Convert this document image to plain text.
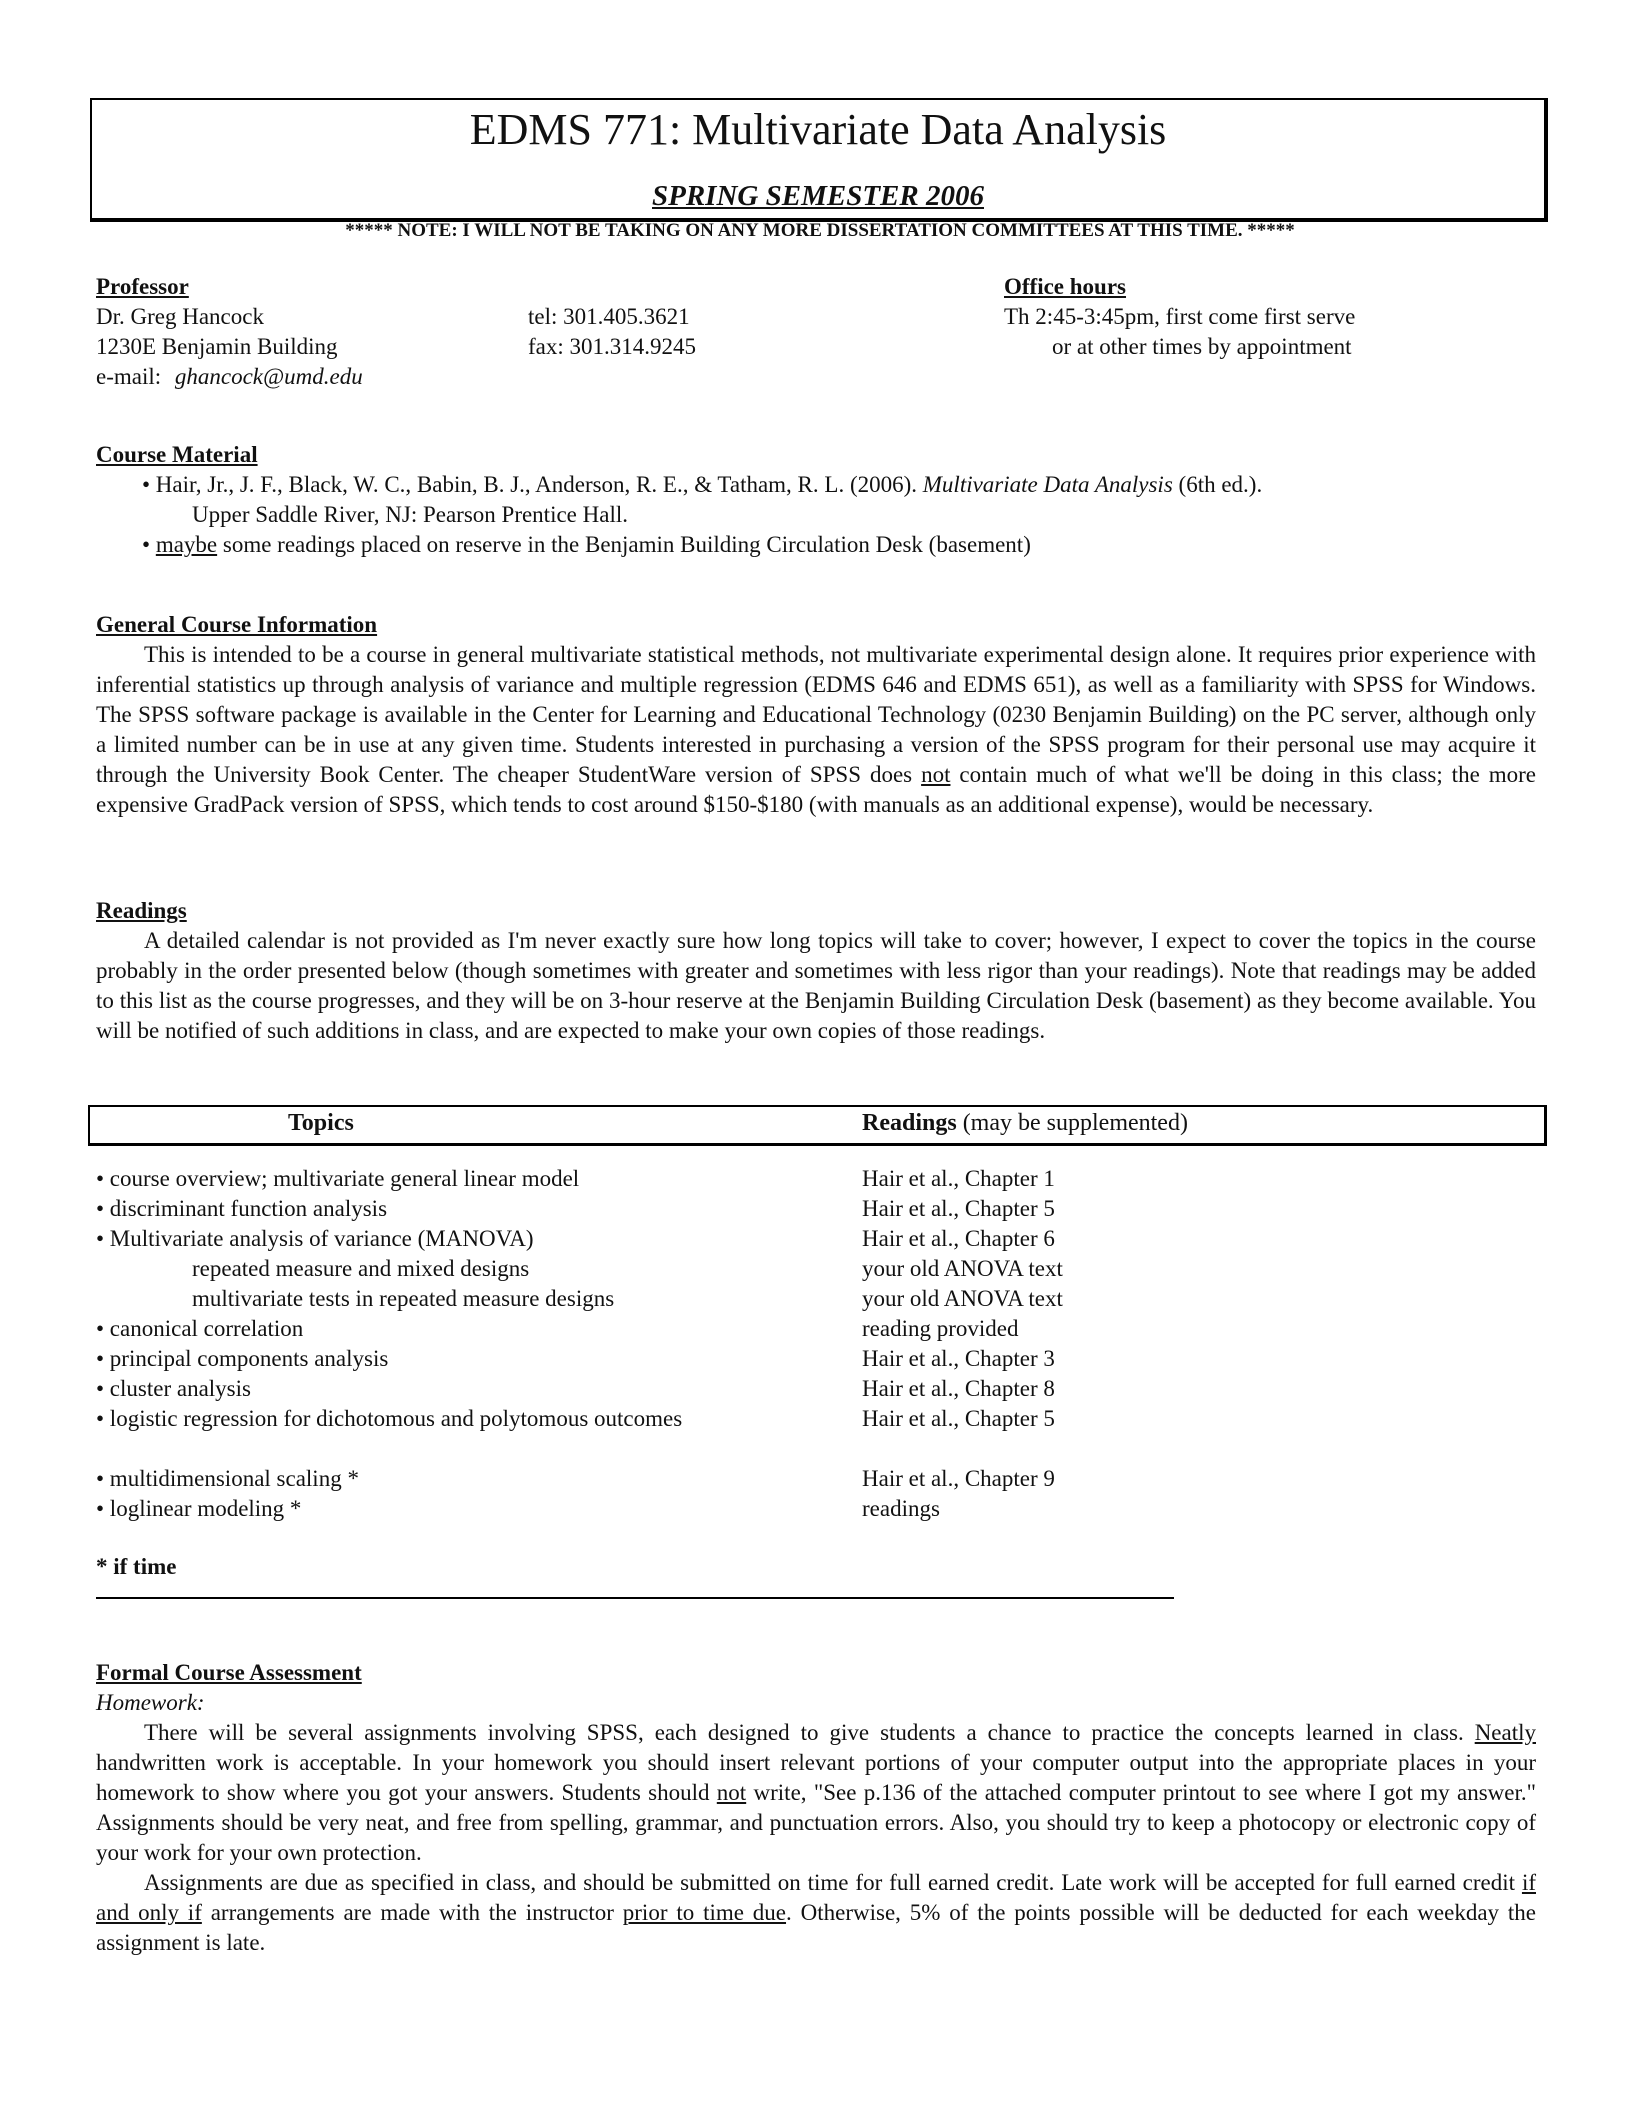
EDMS 771: Multivariate Data Analysis
SPRING SEMESTER 2006
***** NOTE: I WILL NOT BE TAKING ON ANY MORE DISSERTATION COMMITTEES AT THIS TIME. *****
Professor
Dr. Greg Hancock
1230E Benjamin Building
e-mail: ghancock@umd.edu
tel: 301.405.3621
fax: 301.314.9245
Office hours
Th 2:45-3:45pm, first come first serve
or at other times by appointment
Course Material
• Hair, Jr., J. F., Black, W. C., Babin, B. J., Anderson, R. E., & Tatham, R. L. (2006). Multivariate Data Analysis (6th ed.).
Upper Saddle River, NJ: Pearson Prentice Hall.
• maybe some readings placed on reserve in the Benjamin Building Circulation Desk (basement)
General Course Information
This is intended to be a course in general multivariate statistical methods, not multivariate experimental design alone. It requires prior experience with inferential statistics up through analysis of variance and multiple regression (EDMS 646 and EDMS 651), as well as a familiarity with SPSS for Windows. The SPSS software package is available in the Center for Learning and Educational Technology (0230 Benjamin Building) on the PC server, although only a limited number can be in use at any given time. Students interested in purchasing a version of the SPSS program for their personal use may acquire it through the University Book Center. The cheaper StudentWare version of SPSS does not contain much of what we'll be doing in this class; the more expensive GradPack version of SPSS, which tends to cost around $150-$180 (with manuals as an additional expense), would be necessary.
Readings
A detailed calendar is not provided as I'm never exactly sure how long topics will take to cover; however, I expect to cover the topics in the course probably in the order presented below (though sometimes with greater and sometimes with less rigor than your readings). Note that readings may be added to this list as the course progresses, and they will be on 3-hour reserve at the Benjamin Building Circulation Desk (basement) as they become available. You will be notified of such additions in class, and are expected to make your own copies of those readings.
Topics	Readings (may be supplemented)
• course overview; multivariate general linear model	Hair et al., Chapter 1
• discriminant function analysis	Hair et al., Chapter 5
• Multivariate analysis of variance (MANOVA)	Hair et al., Chapter 6
repeated measure and mixed designs	your old ANOVA text
multivariate tests in repeated measure designs	your old ANOVA text
• canonical correlation	reading provided
• principal components analysis	Hair et al., Chapter 3
• cluster analysis	Hair et al., Chapter 8
• logistic regression for dichotomous and polytomous outcomes	Hair et al., Chapter 5
• multidimensional scaling *	Hair et al., Chapter 9
• loglinear modeling *	readings
* if time
Formal Course Assessment
Homework:
There will be several assignments involving SPSS, each designed to give students a chance to practice the concepts learned in class. Neatly handwritten work is acceptable. In your homework you should insert relevant portions of your computer output into the appropriate places in your homework to show where you got your answers. Students should not write, "See p.136 of the attached computer printout to see where I got my answer." Assignments should be very neat, and free from spelling, grammar, and punctuation errors. Also, you should try to keep a photocopy or electronic copy of your work for your own protection.
Assignments are due as specified in class, and should be submitted on time for full earned credit. Late work will be accepted for full earned credit if and only if arrangements are made with the instructor prior to time due. Otherwise, 5% of the points possible will be deducted for each weekday the assignment is late.
